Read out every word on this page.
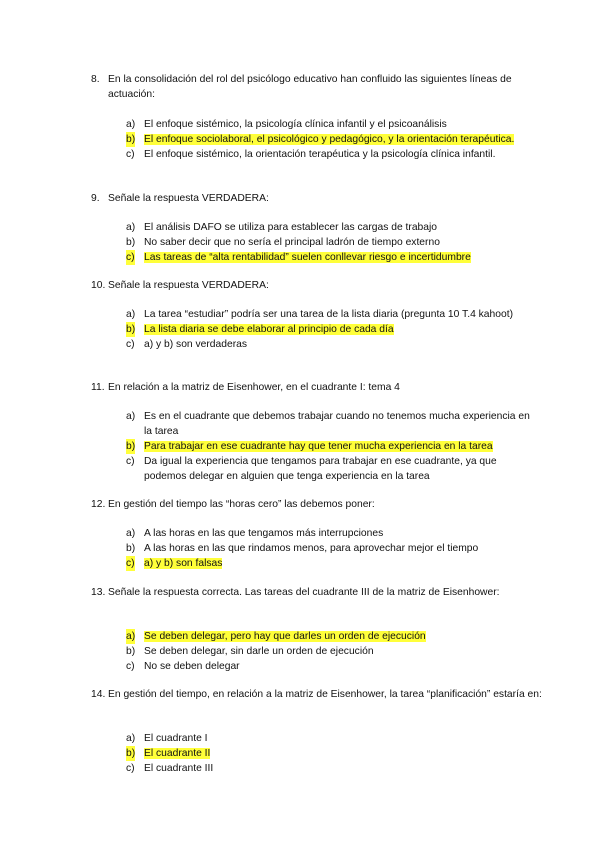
8. En la consolidación del rol del psicólogo educativo han confluido las siguientes líneas de actuación:
a) El enfoque sistémico, la psicología clínica infantil y el psicoanálisis
b) El enfoque sociolaboral, el psicológico y pedagógico, y la orientación terapéutica.
c) El enfoque sistémico, la orientación terapéutica y la psicología clínica infantil.
9. Señale la respuesta VERDADERA:
a) El análisis DAFO se utiliza para establecer las cargas de trabajo
b) No saber decir que no sería el principal ladrón de tiempo externo
c) Las tareas de “alta rentabilidad” suelen conllevar riesgo e incertidumbre
10. Señale la respuesta VERDADERA:
a) La tarea “estudiar” podría ser una tarea de la lista diaria (pregunta 10 T.4 kahoot)
b) La lista diaria se debe elaborar al principio de cada día
c) a) y b) son verdaderas
11. En relación a la matriz de Eisenhower, en el cuadrante I: tema 4
a) Es en el cuadrante que debemos trabajar cuando no tenemos mucha experiencia en la tarea
b) Para trabajar en ese cuadrante hay que tener mucha experiencia en la tarea
c) Da igual la experiencia que tengamos para trabajar en ese cuadrante, ya que podemos delegar en alguien que tenga experiencia en la tarea
12. En gestión del tiempo las “horas cero” las debemos poner:
a) A las horas en las que tengamos más interrupciones
b) A las horas en las que rindamos menos, para aprovechar mejor el tiempo
c) a) y b) son falsas
13. Señale la respuesta correcta. Las tareas del cuadrante III de la matriz de Eisenhower:
a) Se deben delegar, pero hay que darles un orden de ejecución
b) Se deben delegar, sin darle un orden de ejecución
c) No se deben delegar
14. En gestión del tiempo, en relación a la matriz de Eisenhower, la tarea “planificación” estaría en:
a) El cuadrante I
b) El cuadrante II
c) El cuadrante III
